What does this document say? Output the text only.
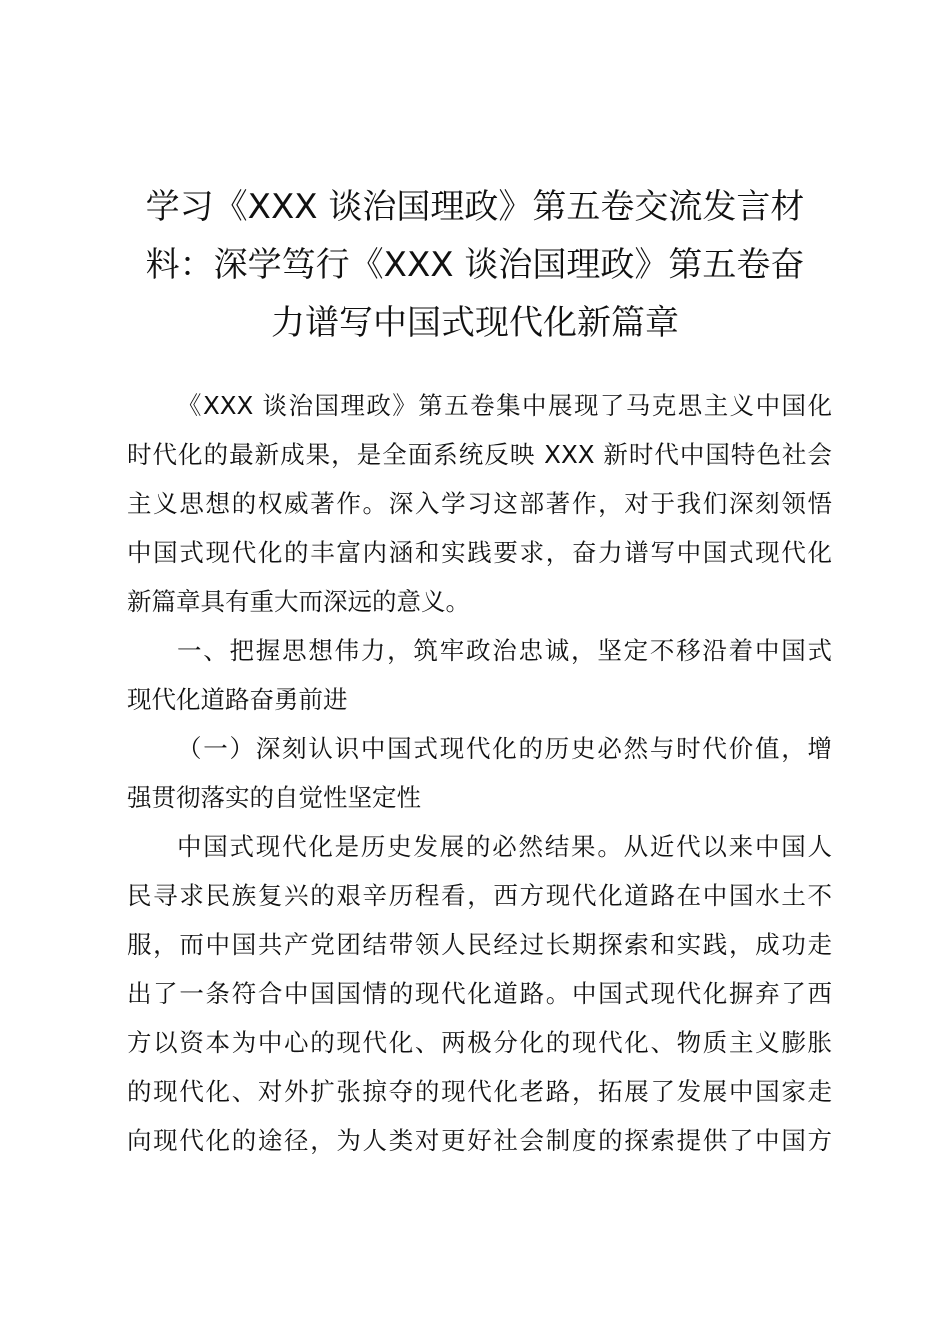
学习《XXX 谈治国理政》第五卷交流发言材
料：深学笃行《XXX 谈治国理政》第五卷奋
力谱写中国式现代化新篇章

《XXX 谈治国理政》第五卷集中展现了马克思主义中国化
时代化的最新成果，是全面系统反映 XXX 新时代中国特色社会
主义思想的权威著作。深入学习这部著作，对于我们深刻领悟
中国式现代化的丰富内涵和实践要求，奋力谱写中国式现代化
新篇章具有重大而深远的意义。

一、把握思想伟力，筑牢政治忠诚，坚定不移沿着中国式
现代化道路奋勇前进

（一）深刻认识中国式现代化的历史必然与时代价值，增
强贯彻落实的自觉性坚定性

中国式现代化是历史发展的必然结果。从近代以来中国人
民寻求民族复兴的艰辛历程看，西方现代化道路在中国水土不
服，而中国共产党团结带领人民经过长期探索和实践，成功走
出了一条符合中国国情的现代化道路。中国式现代化摒弃了西
方以资本为中心的现代化、两极分化的现代化、物质主义膨胀
的现代化、对外扩张掠夺的现代化老路，拓展了发展中国家走
向现代化的途径，为人类对更好社会制度的探索提供了中国方
